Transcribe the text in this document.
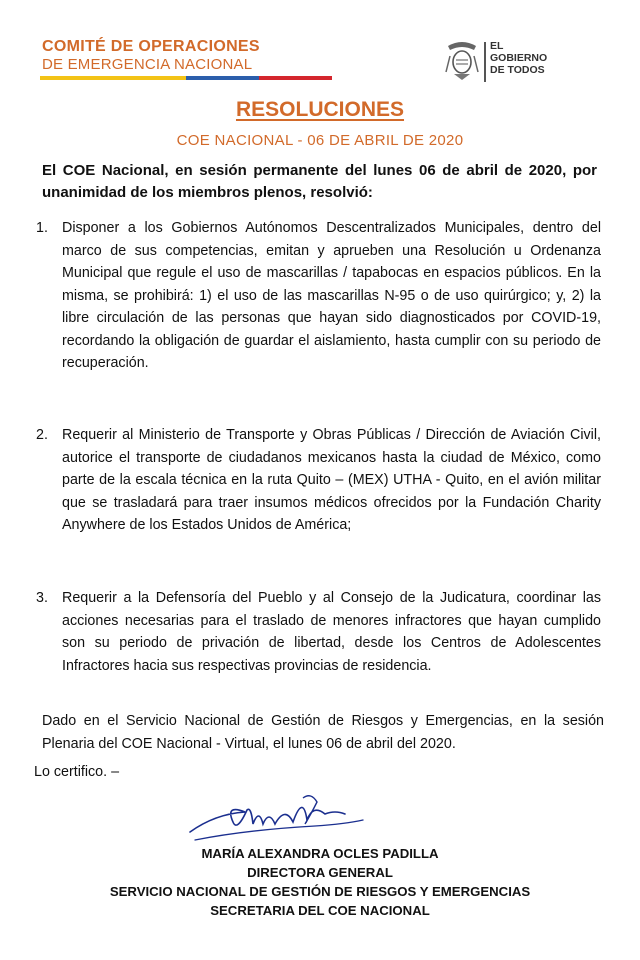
COMITÉ DE OPERACIONES
DE EMERGENCIA NACIONAL
EL
GOBIERNO
DE TODOS
RESOLUCIONES
COE NACIONAL - 06 DE ABRIL DE 2020
El COE Nacional, en sesión permanente del lunes 06 de abril de 2020, por unanimidad de los miembros plenos, resolvió:
1. Disponer a los Gobiernos Autónomos Descentralizados Municipales, dentro del marco de sus competencias, emitan y aprueben una Resolución u Ordenanza Municipal que regule el uso de mascarillas / tapabocas en espacios públicos. En la misma, se prohibirá: 1) el uso de las mascarillas N-95 o de uso quirúrgico; y, 2) la libre circulación de las personas que hayan sido diagnosticados por COVID-19, recordando la obligación de guardar el aislamiento, hasta cumplir con su periodo de recuperación.
2. Requerir al Ministerio de Transporte y Obras Públicas / Dirección de Aviación Civil, autorice el transporte de ciudadanos mexicanos hasta la ciudad de México, como parte de la escala técnica en la ruta Quito – (MEX) UTHA - Quito, en el avión militar que se trasladará para traer insumos médicos ofrecidos por la Fundación Charity Anywhere de los Estados Unidos de América;
3. Requerir a la Defensoría del Pueblo y al Consejo de la Judicatura, coordinar las acciones necesarias para el traslado de menores infractores que hayan cumplido son su periodo de privación de libertad, desde los Centros de Adolescentes Infractores hacia sus respectivas provincias de residencia.
Dado en el Servicio Nacional de Gestión de Riesgos y Emergencias, en la sesión Plenaria del COE Nacional - Virtual, el lunes 06 de abril del 2020.
Lo certifico. –
MARÍA ALEXANDRA OCLES PADILLA
DIRECTORA GENERAL
SERVICIO NACIONAL DE GESTIÓN DE RIESGOS Y EMERGENCIAS
SECRETARIA DEL COE NACIONAL
